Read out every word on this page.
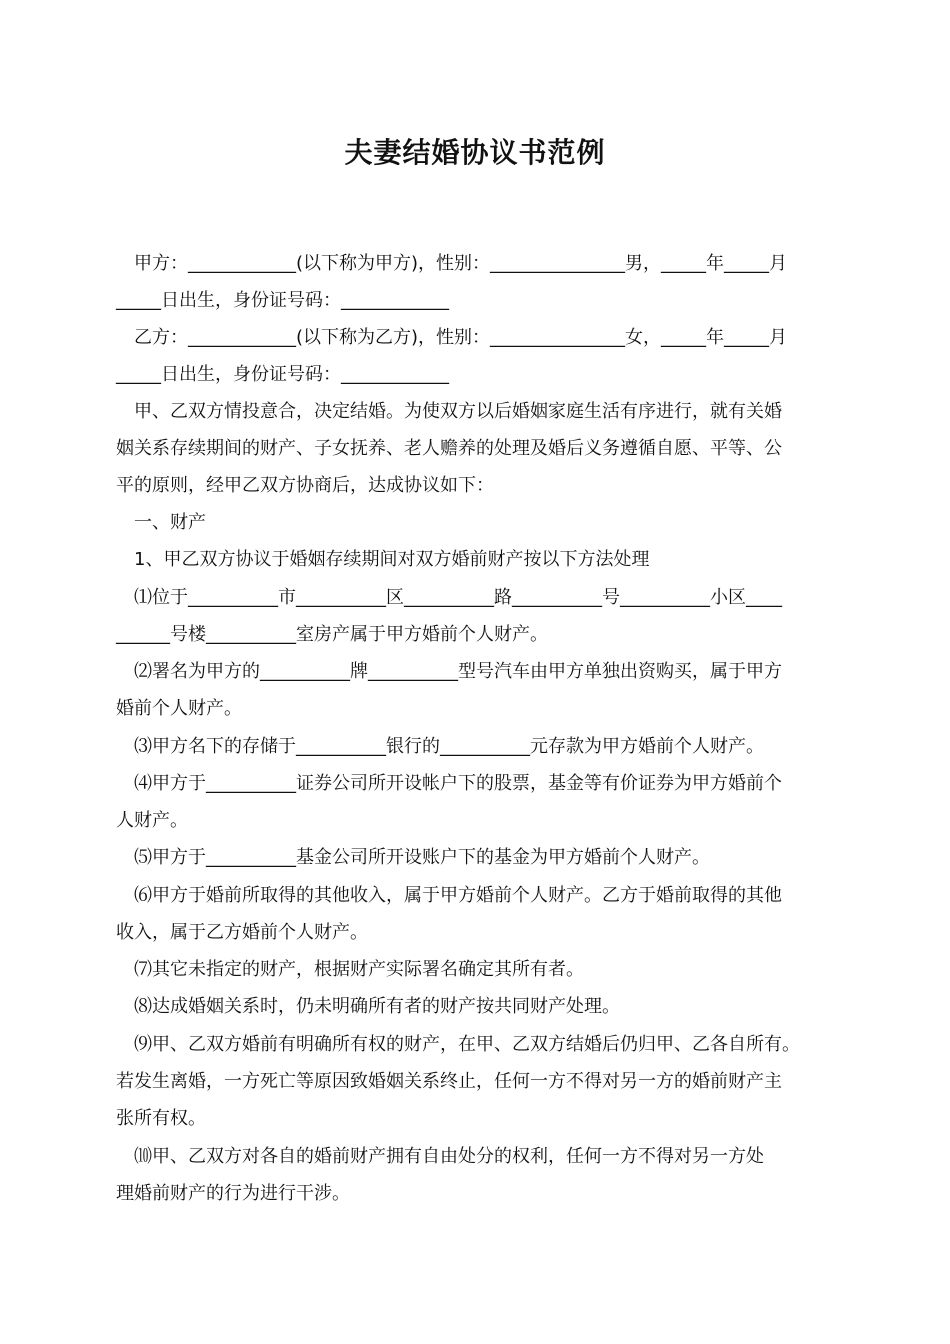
夫妻结婚协议书范例

　甲方：____________(以下称为甲方)，性别：_______________男，_____年_____月

_____日出生，身份证号码：____________

　乙方：____________(以下称为乙方)，性别：_______________女，_____年_____月

_____日出生，身份证号码：____________

　甲、乙双方情投意合，决定结婚。为使双方以后婚姻家庭生活有序进行，就有关婚

姻关系存续期间的财产、子女抚养、老人赡养的处理及婚后义务遵循自愿、平等、公

平的原则，经甲乙双方协商后，达成协议如下：

　一、财产

　1、甲乙双方协议于婚姻存续期间对双方婚前财产按以下方法处理

　⑴位于__________市__________区__________路__________号__________小区____

______号楼__________室房产属于甲方婚前个人财产。

　⑵署名为甲方的__________牌__________型号汽车由甲方单独出资购买，属于甲方

婚前个人财产。

　⑶甲方名下的存储于__________银行的__________元存款为甲方婚前个人财产。

　⑷甲方于__________证券公司所开设帐户下的股票，基金等有价证券为甲方婚前个

人财产。

　⑸甲方于__________基金公司所开设账户下的基金为甲方婚前个人财产。

　⑹甲方于婚前所取得的其他收入，属于甲方婚前个人财产。乙方于婚前取得的其他

收入，属于乙方婚前个人财产。

　⑺其它未指定的财产，根据财产实际署名确定其所有者。

　⑻达成婚姻关系时，仍未明确所有者的财产按共同财产处理。

　⑼甲、乙双方婚前有明确所有权的财产，在甲、乙双方结婚后仍归甲、乙各自所有。

若发生离婚，一方死亡等原因致婚姻关系终止，任何一方不得对另一方的婚前财产主

张所有权。

　⑽甲、乙双方对各自的婚前财产拥有自由处分的权利，任何一方不得对另一方处

理婚前财产的行为进行干涉。
